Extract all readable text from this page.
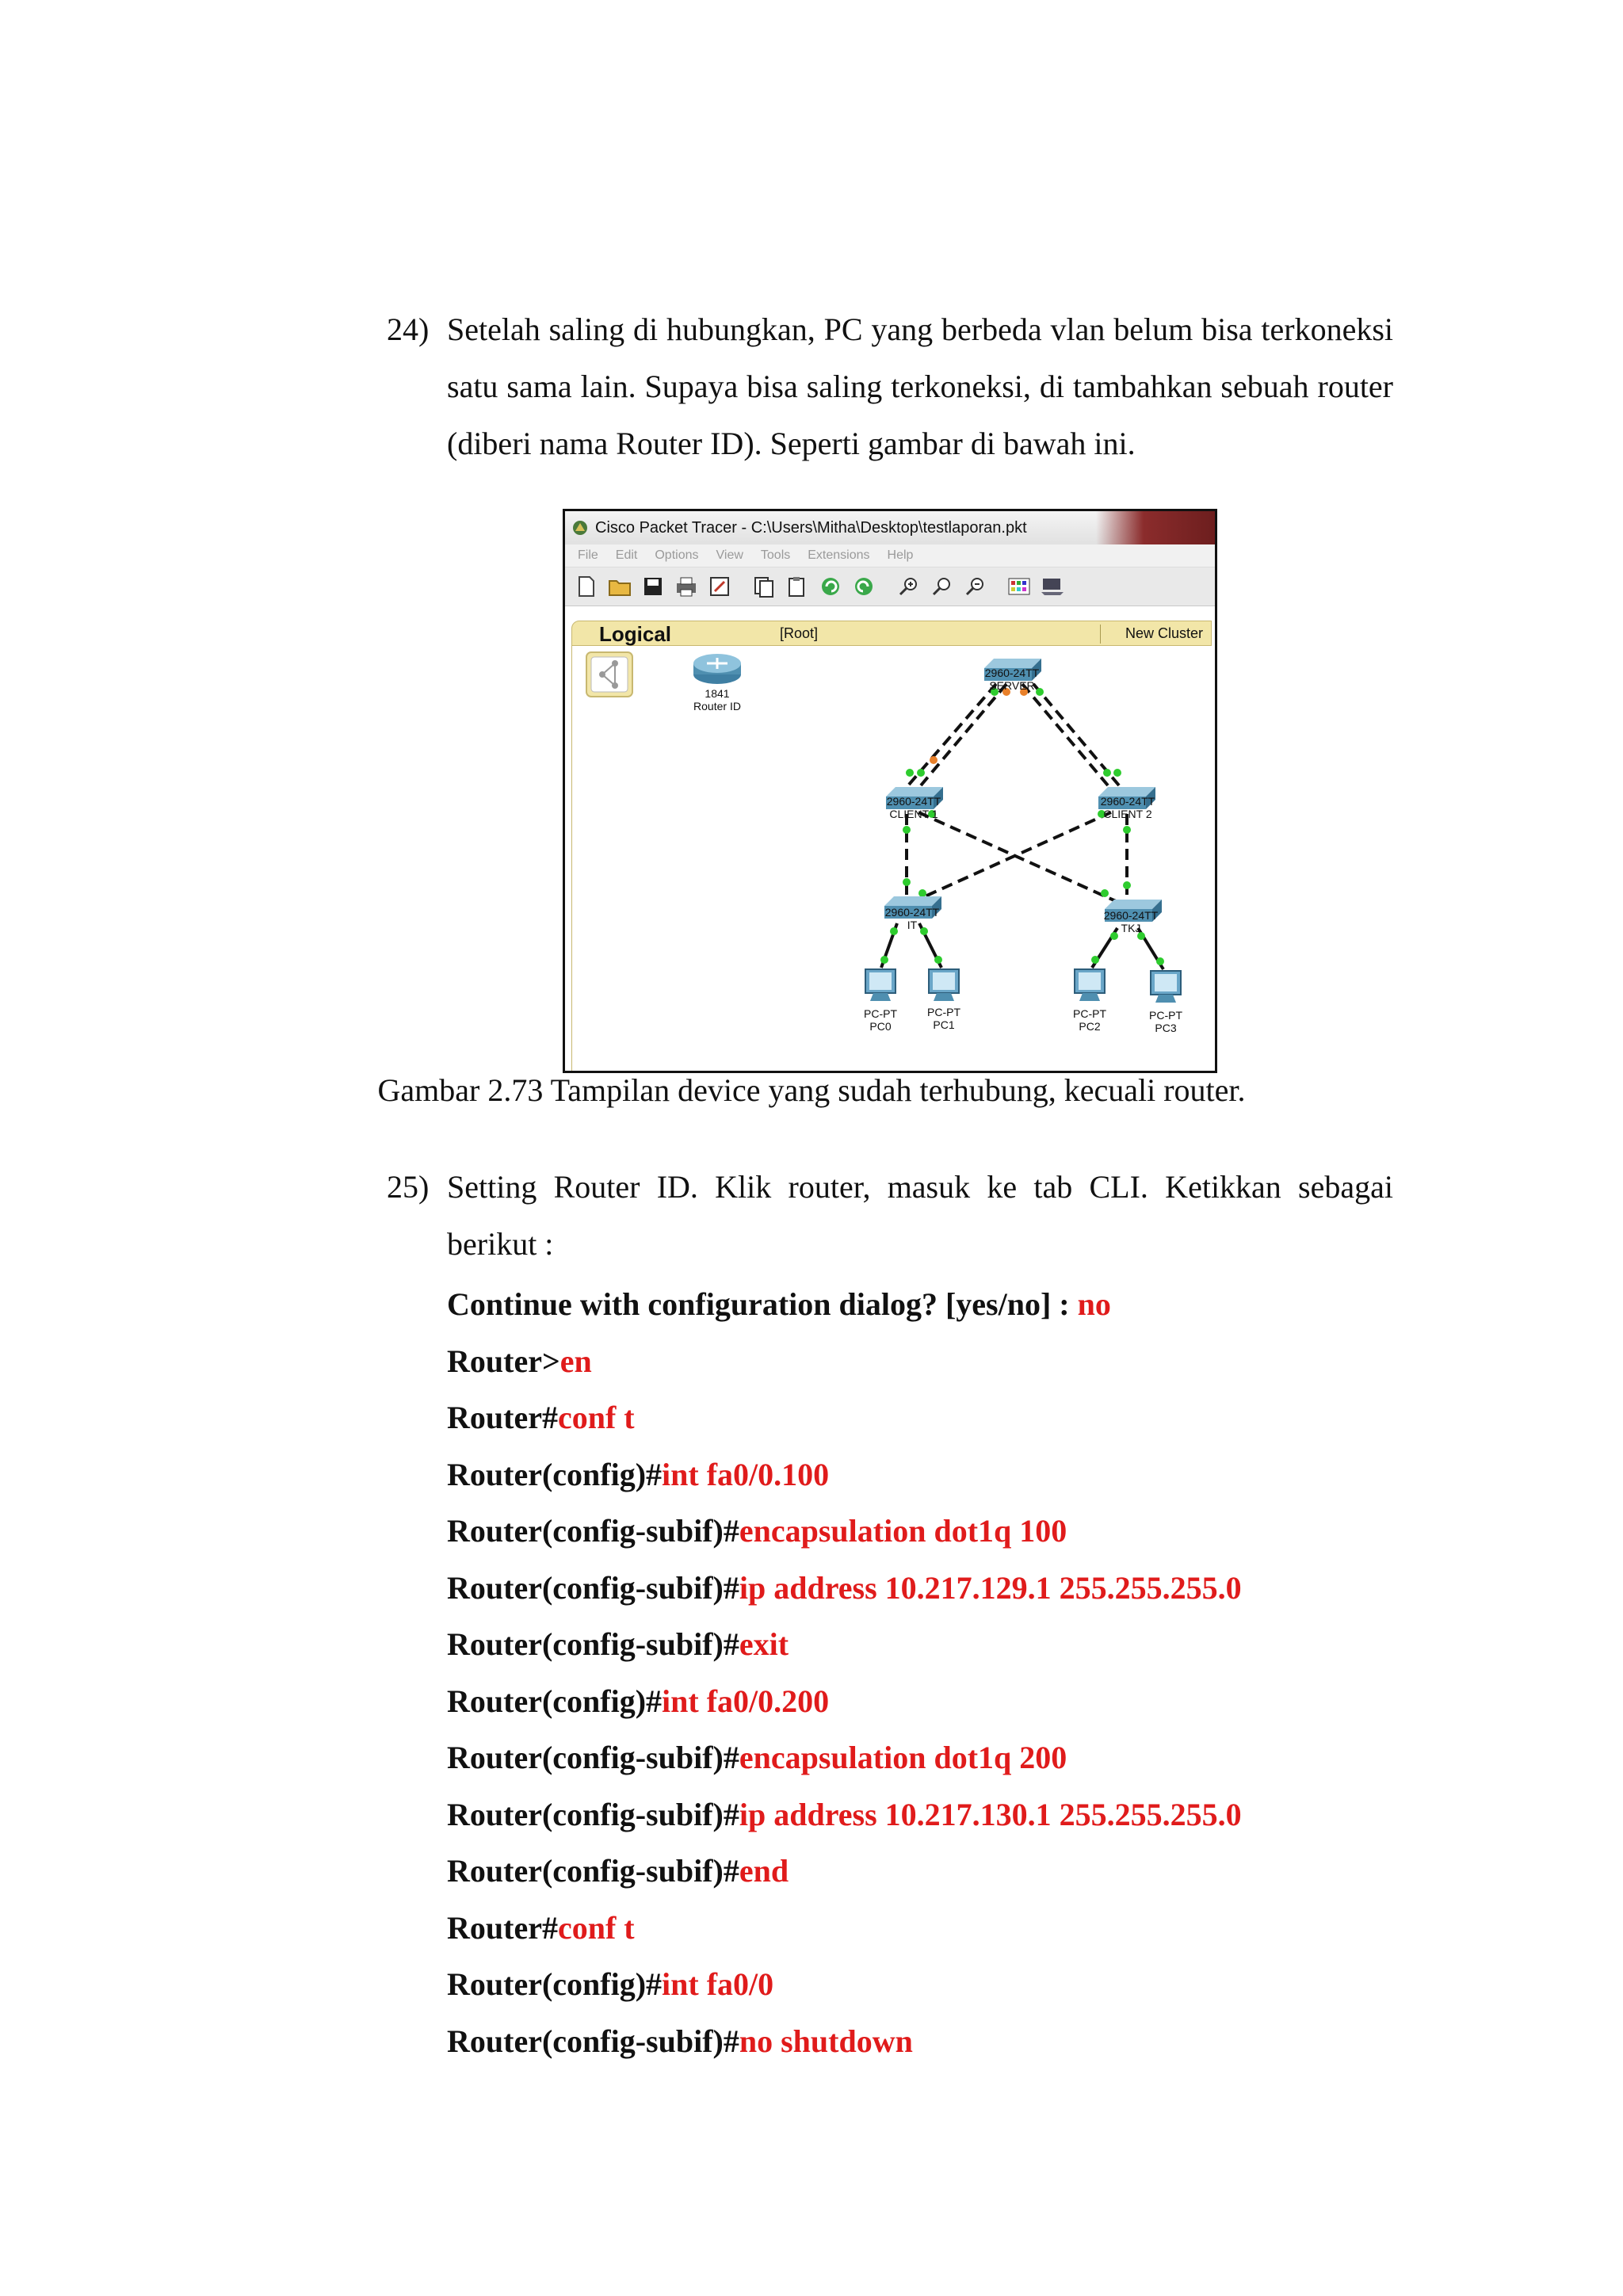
24) Setelah saling di hubungkan, PC yang berbeda vlan belum bisa terkoneksi satu sama lain. Supaya bisa saling terkoneksi, di tambahkan sebuah router (diberi nama Router ID). Seperti gambar di bawah ini.
Cisco Packet Tracer - C:\Users\Mitha\Desktop\testlaporan.pkt
File Edit Options View Tools Extensions Help
Logical	[Root]	New Cluster
1841
Router ID
2960-24TT
SERVER
2960-24TT
CLIENT 1
2960-24TT
CLIENT 2
2960-24TT
IT
2960-24TT
TKJ
PC-PT
PC0
PC-PT
PC1
PC-PT
PC2
PC-PT
PC3
Gambar 2.73 Tampilan device yang sudah terhubung, kecuali router.
25) Setting Router ID. Klik router, masuk ke tab CLI. Ketikkan sebagai berikut :
Continue with configuration dialog? [yes/no] : no
Router>en
Router#conf t
Router(config)#int fa0/0.100
Router(config-subif)#encapsulation dot1q 100
Router(config-subif)#ip address 10.217.129.1 255.255.255.0
Router(config-subif)#exit
Router(config)#int fa0/0.200
Router(config-subif)#encapsulation dot1q 200
Router(config-subif)#ip address 10.217.130.1 255.255.255.0
Router(config-subif)#end
Router#conf t
Router(config)#int fa0/0
Router(config-subif)#no shutdown
